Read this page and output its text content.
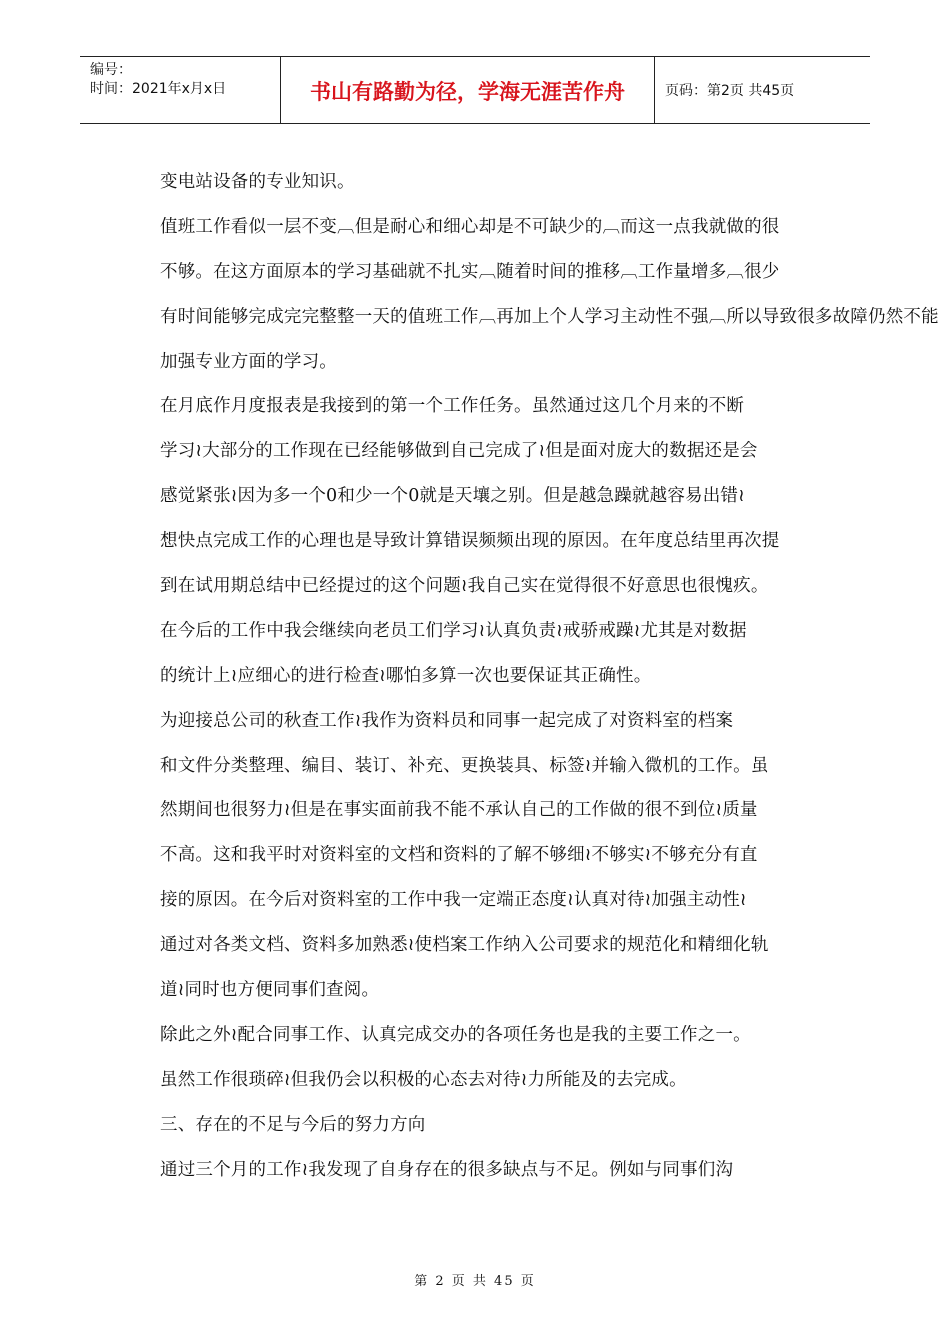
编号：
时间：2021年x月x日	书山有路勤为径，学海无涯苦作舟	页码：第2页 共45页
变电站设备的专业知识。
值班工作看似一层不变︹但是耐心和细心却是不可缺少的︹而这一点我就做的很
不够。在这方面原本的学习基础就不扎实︹随着时间的推移︹工作量增多︹很少
有时间能够完成完完整整一天的值班工作︹再加上个人学习主动性不强︹所以导致很多故障仍然不能
加强专业方面的学习。
在月底作月度报表是我接到的第一个工作任务。虽然通过这几个月来的不断
学习≀大部分的工作现在已经能够做到自己完成了≀但是面对庞大的数据还是会
感觉紧张≀因为多一个0和少一个0就是天壤之别。但是越急躁就越容易出错≀
想快点完成工作的心理也是导致计算错误频频出现的原因。在年度总结里再次提
到在试用期总结中已经提过的这个问题≀我自己实在觉得很不好意思也很愧疚。
在今后的工作中我会继续向老员工们学习≀认真负责≀戒骄戒躁≀尤其是对数据
的统计上≀应细心的进行检查≀哪怕多算一次也要保证其正确性。
为迎接总公司的秋查工作≀我作为资料员和同事一起完成了对资料室的档案
和文件分类整理、编目、装订、补充、更换装具、标签≀并输入微机的工作。虽
然期间也很努力≀但是在事实面前我不能不承认自己的工作做的很不到位≀质量
不高。这和我平时对资料室的文档和资料的了解不够细≀不够实≀不够充分有直
接的原因。在今后对资料室的工作中我一定端正态度≀认真对待≀加强主动性≀
通过对各类文档、资料多加熟悉≀使档案工作纳入公司要求的规范化和精细化轨
道≀同时也方便同事们查阅。
除此之外≀配合同事工作、认真完成交办的各项任务也是我的主要工作之一。
虽然工作很琐碎≀但我仍会以积极的心态去对待≀力所能及的去完成。
三、存在的不足与今后的努力方向
通过三个月的工作≀我发现了自身存在的很多缺点与不足。例如与同事们沟
第 2 页 共 45 页
